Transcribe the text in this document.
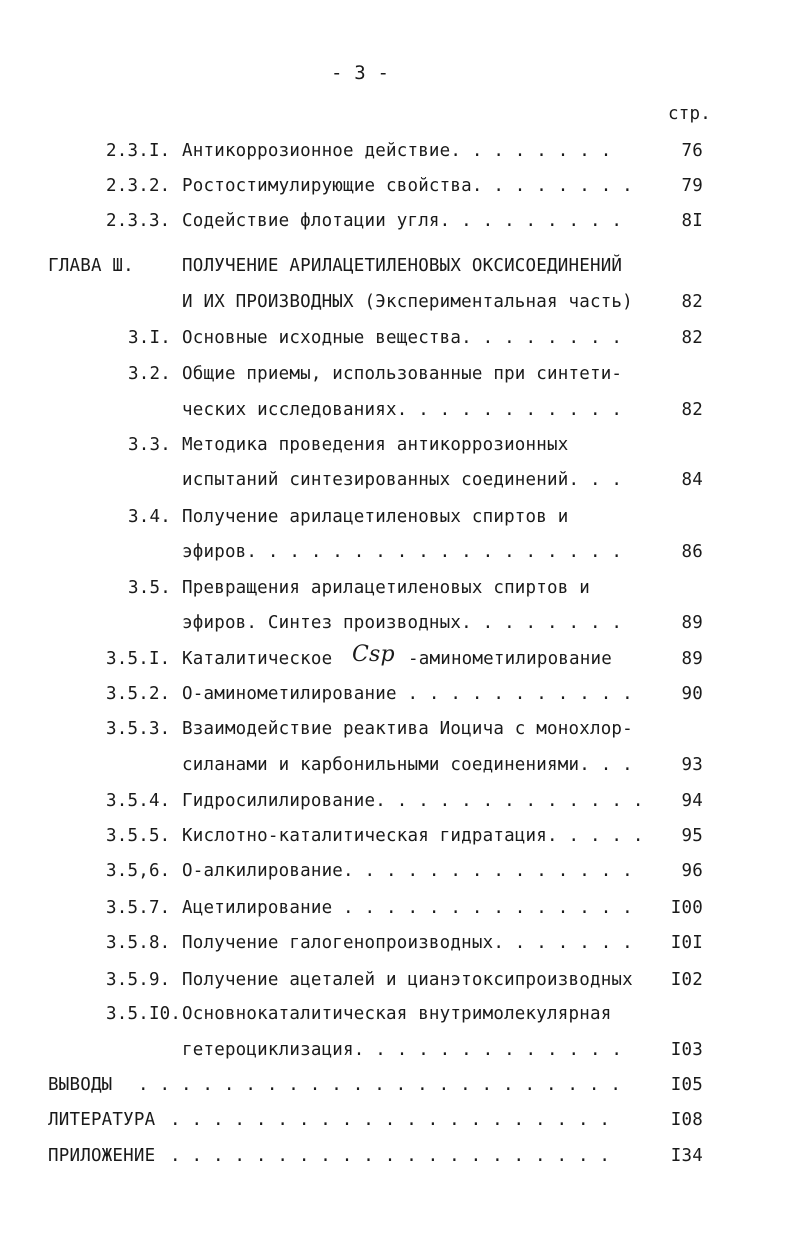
- 3 -
стр.
2.3.I. Антикоррозионное действие. . . . . . . .	76
2.3.2. Ростостимулирующие свойства. . . . . . . .	79
2.3.3. Содействие флотации угля. . . . . . . . .	8I
ГЛАВА Ш.	ПОЛУЧЕНИЕ АРИЛАЦЕТИЛЕНОВЫХ ОКСИСОЕДИНЕНИЙ
И ИХ ПРОИЗВОДНЫХ (Экспериментальная часть)	82
3.I. Основные исходные вещества. . . . . . . .	82
3.2. Общие приемы, использованные при синтети-
ческих исследованиях. . . . . . . . . . .	82
3.3. Методика проведения антикоррозионных
испытаний синтезированных соединений. . .	84
3.4. Получение арилацетиленовых спиртов и
эфиров. . . . . . . . . . . . . . . . . .	86
3.5. Превращения арилацетиленовых спиртов и
эфиров. Синтез производных. . . . . . . .	89
3.5.I. Каталитическое Csp -аминометилирование	89
3.5.2. О-аминометилирование . . . . . . . . . . .	90
3.5.3. Взаимодействие реактива Иоцича с монохлор-
силанами и карбонильными соединениями. . .	93
3.5.4. Гидросилилирование. . . . . . . . . . . . .	94
3.5.5. Кислотно-каталитическая гидратация. . . . .	95
3.5,6. О-алкилирование. . . . . . . . . . . . . .	96
3.5.7. Ацетилирование . . . . . . . . . . . . . .	I00
3.5.8. Получение галогенопроизводных. . . . . . .	I0I
3.5.9. Получение ацеталей и цианэтоксипроизводных	I02
3.5.I0. Основнокаталитическая внутримолекулярная
гетероциклизация. . . . . . . . . . . . .	I03
ВЫВОДЫ . . . . . . . . . . . . . . . . . . . . . . .	I05
ЛИТЕРАТУРА . . . . . . . . . . . . . . . . . . . . .	I08
ПРИЛОЖЕНИЕ . . . . . . . . . . . . . . . . . . . . .	I34
